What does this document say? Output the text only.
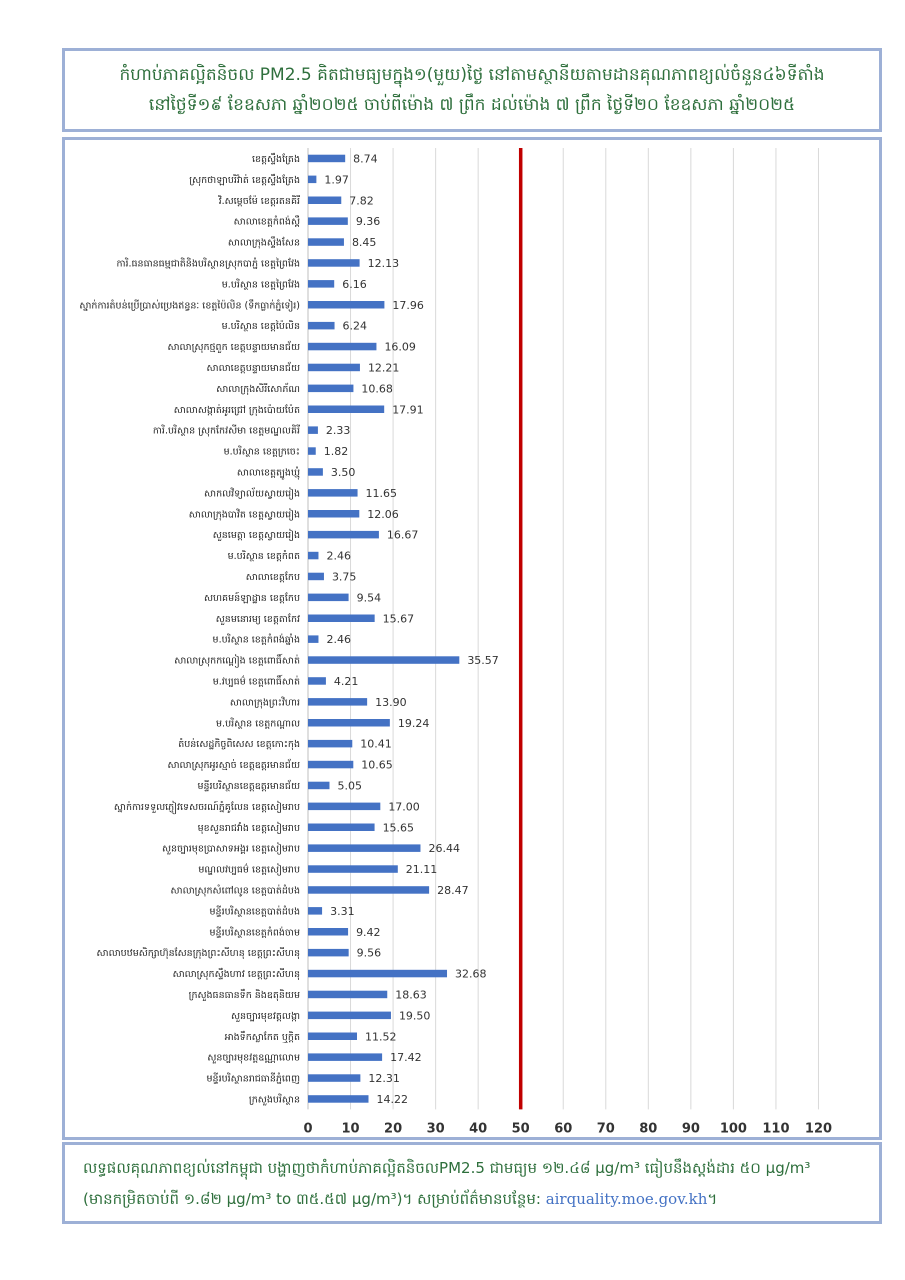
កំហាប់ភាគល្អិតនិចល PM2.5 គិតជាមធ្យមក្នុង១(មួយ)ថ្ងៃ នៅតាមស្ថានីយតាមដានគុណភាពខ្យល់ចំនួន៤៦ទីតាំង
នៅថ្ងៃទី១៩ ខែឧសភា ឆ្នាំ២០២៥ ចាប់ពីម៉ោង ៧ ព្រឹក ដល់ម៉ោង ៧ ព្រឹក ថ្ងៃទី២០ ខែឧសភា ឆ្នាំ២០២៥
ខេត្តស្ទឹងត្រែង	8.74
ស្រុកថាឡាបរិវ៉ាត់ ខេត្តស្ទឹងត្រែង 1.97
វិ.សម្តេចម៉ែ ខេត្តរតនគិរី	7.82
សាលាខេត្តកំពង់ស្ពឺ	9.36
សាលាក្រុងស្ទឹងសែន	8.45
ការិ.ធនធានធម្មជាតិនិងបរិស្ថានស្រុកបាភ្នំ ខេត្តព្រៃវែង	12.13
ម.បរិស្ថាន ខេត្តព្រៃវែង	6.16
ស្នាក់ការតំបន់ប្រើប្រាស់ប្រេងឥន្ធនៈ ខេត្តប៉ៃលិន (ទឹកធ្លាក់ភ្នំទៀរ)	17.96
ម.បរិស្ថាន ខេត្តប៉ៃលិន	6.24
សាលាស្រុកថ្មពួក ខេត្តបន្ទាយមានជ័យ	16.09
សាលាខេត្តបន្ទាយមានជ័យ	12.21
សាលាក្រុងសិរីសោភ័ណ	10.68
សាលាសង្កាត់អូរជ្រៅ ក្រុងប៉ោយប៉ែត	17.91
ការិ.បរិស្ថាន ស្រុកកែវសីមា ខេត្តមណ្ឌលគិរី 2.33
ម.បរិស្ថាន ខេត្តក្រចេះ 1.82
សាលាខេត្តត្បូងឃ្មុំ	3.50
សាកលវិទ្យាល័យស្វាយរៀង	11.65
សាលាក្រុងបាវិត ខេត្តស្វាយរៀង	12.06
សួនមេត្តា ខេត្តស្វាយរៀង	16.67
ម.បរិស្ថាន ខេត្តកំពត 2.46
សាលាខេត្តកែប	3.75
សហគមន៍ឡាដ្ឋាន ខេត្តកែប	9.54
សួនមនោរម្យ ខេត្តតាកែវ	15.67
ម.បរិស្ថាន ខេត្តកំពង់ឆ្នាំង 2.46
សាលាស្រុកកណ្តៀង ខេត្តពោធិ៍សាត់	35.57
ម.វប្បធម៌ ខេត្តពោធិ៍សាត់	4.21
សាលាក្រុងព្រះវិហារ	13.90
ម.បរិស្ថាន ខេត្តកណ្តាល	19.24
តំបន់សេដ្ឋកិច្ចពិសេស ខេត្តកោះកុង	10.41
សាលាស្រុកអូរស្មាច់ ខេត្តឧត្តរមានជ័យ	10.65
មន្ទីរបរិស្ថានខេត្តឧត្តរមានជ័យ	5.05
ស្នាក់ការទទួលភ្ញៀវទេសចរណ៍ភ្នំគូលែន ខេត្តសៀមរាប	17.00
មុខសួនរាជវាំង ខេត្តសៀមរាប	15.65
សួនច្បារមុខប្រាសាទអង្គរ ខេត្តសៀមរាប	26.44
មណ្ឌលវប្បធម៌ ខេត្តសៀមរាប	21.11
សាលាស្រុកសំពៅលូន ខេត្តបាត់ដំបង	28.47
មន្ទីរបរិស្ថានខេត្តបាត់ដំបង	3.31
មន្ទីរបរិស្ថានខេត្តកំពង់ចាម	9.42
សាលាបឋមសិក្សាហ៊ុនសែនក្រុងព្រះសីហនុ ខេត្តព្រះសីហនុ	9.56
សាលាស្រុកស្ទឹងហាវ ខេត្តព្រះសីហនុ	32.68
ក្រសួងធនធានទឹក និងឧតុនិយម	18.63
សួនច្បារមុខវត្តលង្កា	19.50
អាងទឹកស្លាកែត ឬក្តិត	11.52
សួនច្បារមុខវត្តឧណ្ណាលោម	17.42
មន្ទីរបរិស្ថានរាជធានីភ្នំពេញ	12.31
ក្រសួងបរិស្ថាន	14.22
0 10 20 30 40 50 60 70 80 90 100 110 120
លទ្ធផលគុណភាពខ្យល់នៅកម្ពុជា បង្ហាញថាកំហាប់ភាគល្អិតនិចលPM2.5 ជាមធ្យម ១២.៤៨ µg/m³ ធៀបនឹងស្តង់ដារ ៥០ µg/m³
(មានកម្រិតចាប់ពី ១.៨២ µg/m³ to ៣៥.៥៧ µg/m³)។ សម្រាប់ព័ត៌មានបន្ថែម: airquality.moe.gov.kh។
